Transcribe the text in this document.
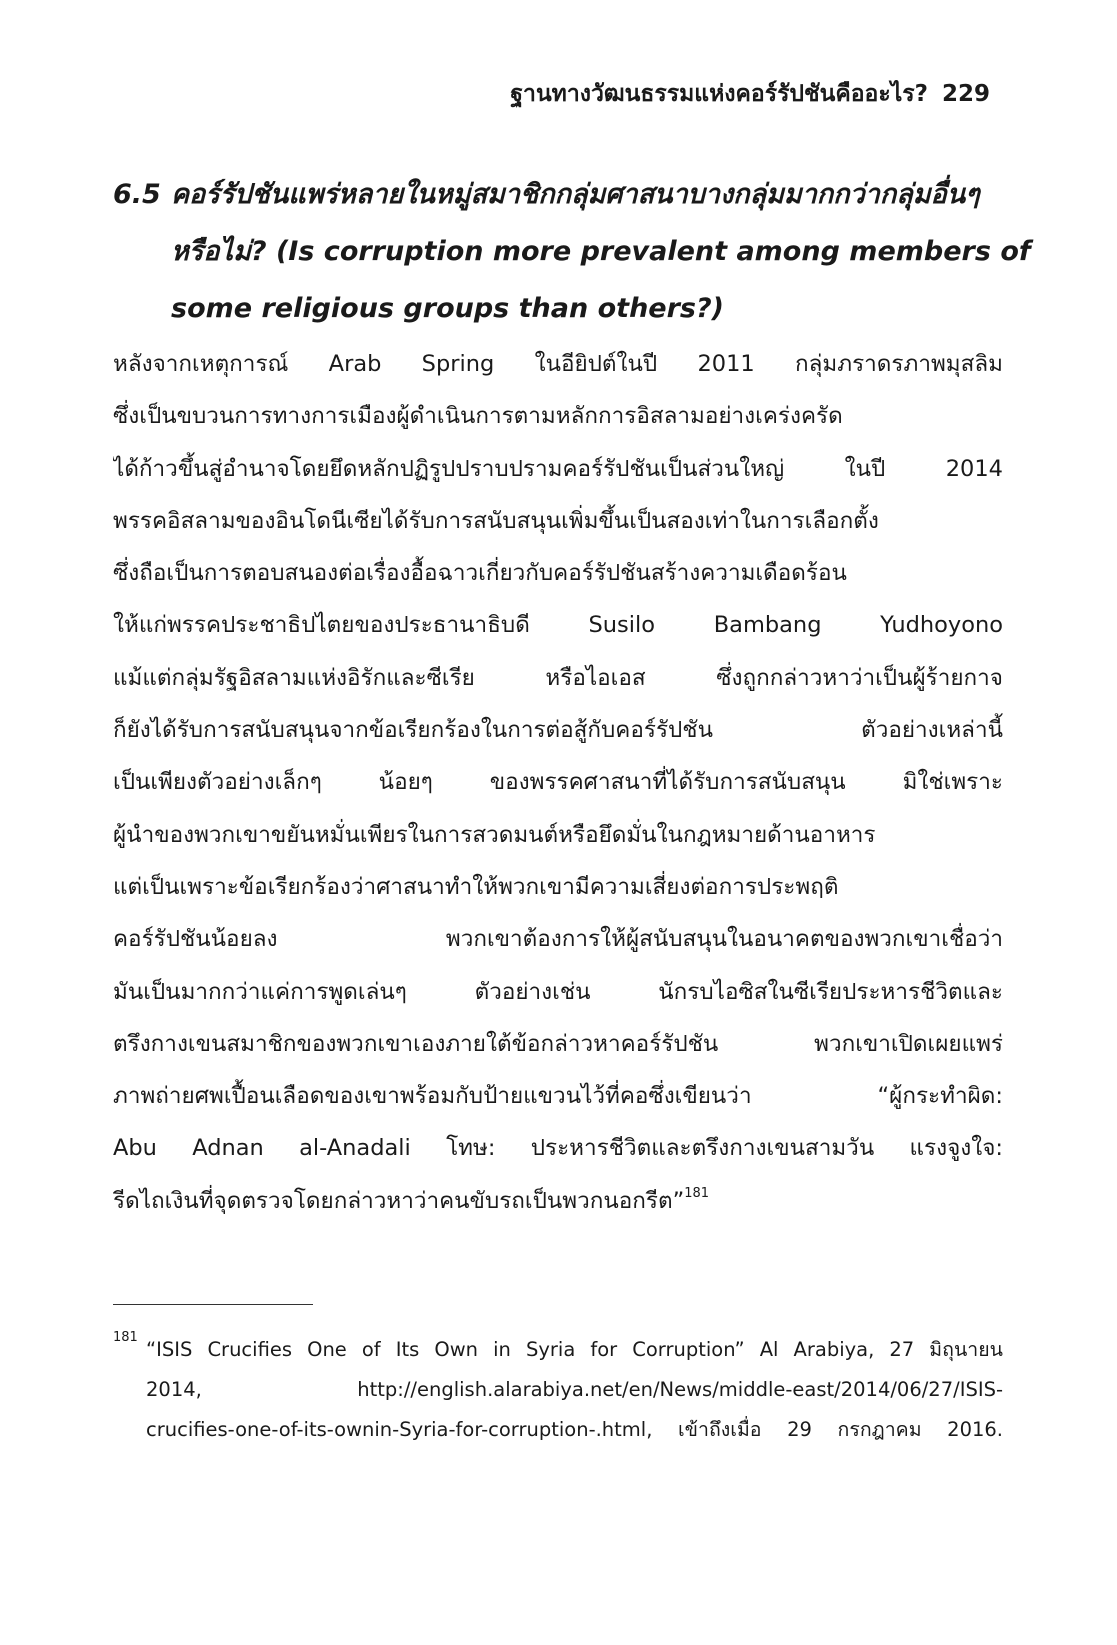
ฐานทางวัฒนธรรมแห่งคอร์รัปชันคืออะไร? 229
6.5 คอร์รัปชันแพร่หลายในหมู่สมาชิกกลุ่มศาสนาบางกลุ่มมากกว่ากลุ่มอื่นๆ
หรือไม่? (Is corruption more prevalent among members of
some religious groups than others?)
หลังจากเหตุการณ์ Arab Spring ในอียิปต์ในปี 2011 กลุ่มภราดรภาพมุสลิม
ซึ่งเป็นขบวนการทางการเมืองผู้ดำเนินการตามหลักการอิสลามอย่างเคร่งครัด
ได้ก้าวขึ้นสู่อำนาจโดยยึดหลักปฏิรูปปราบปรามคอร์รัปชันเป็นส่วนใหญ่ ในปี 2014
พรรคอิสลามของอินโดนีเซียได้รับการสนับสนุนเพิ่มขึ้นเป็นสองเท่าในการเลือกตั้ง
ซึ่งถือเป็นการตอบสนองต่อเรื่องอื้อฉาวเกี่ยวกับคอร์รัปชันสร้างความเดือดร้อน
ให้แก่พรรคประชาธิปไตยของประธานาธิบดี Susilo Bambang Yudhoyono
แม้แต่กลุ่มรัฐอิสลามแห่งอิรักและซีเรีย หรือไอเอส ซึ่งถูกกล่าวหาว่าเป็นผู้ร้ายกาจ
ก็ยังได้รับการสนับสนุนจากข้อเรียกร้องในการต่อสู้กับคอร์รัปชัน ตัวอย่างเหล่านี้
เป็นเพียงตัวอย่างเล็กๆ น้อยๆ ของพรรคศาสนาที่ได้รับการสนับสนุน มิใช่เพราะ
ผู้นำของพวกเขาขยันหมั่นเพียรในการสวดมนต์หรือยึดมั่นในกฎหมายด้านอาหาร
แต่เป็นเพราะข้อเรียกร้องว่าศาสนาทำให้พวกเขามีความเสี่ยงต่อการประพฤติ
คอร์รัปชันน้อยลง พวกเขาต้องการให้ผู้สนับสนุนในอนาคตของพวกเขาเชื่อว่า
มันเป็นมากกว่าแค่การพูดเล่นๆ ตัวอย่างเช่น นักรบไอซิสในซีเรียประหารชีวิตและ
ตรึงกางเขนสมาชิกของพวกเขาเองภายใต้ข้อกล่าวหาคอร์รัปชัน พวกเขาเปิดเผยแพร่
ภาพถ่ายศพเปื้อนเลือดของเขาพร้อมกับป้ายแขวนไว้ที่คอซึ่งเขียนว่า “ผู้กระทำผิด:
Abu Adnan al-Anadali โทษ: ประหารชีวิตและตรึงกางเขนสามวัน แรงจูงใจ:
รีดไถเงินที่จุดตรวจโดยกล่าวหาว่าคนขับรถเป็นพวกนอกรีต”$^{181}$
181
“ISIS Crucifies One of Its Own in Syria for Corruption” Al Arabiya, 27 มิถุนายน
2014, http://english.alarabiya.net/en/News/middle-east/2014/06/27/ISIS-
crucifies-one-of-its-ownin-Syria-for-corruption-.html, เข้าถึงเมื่อ 29 กรกฎาคม 2016.
